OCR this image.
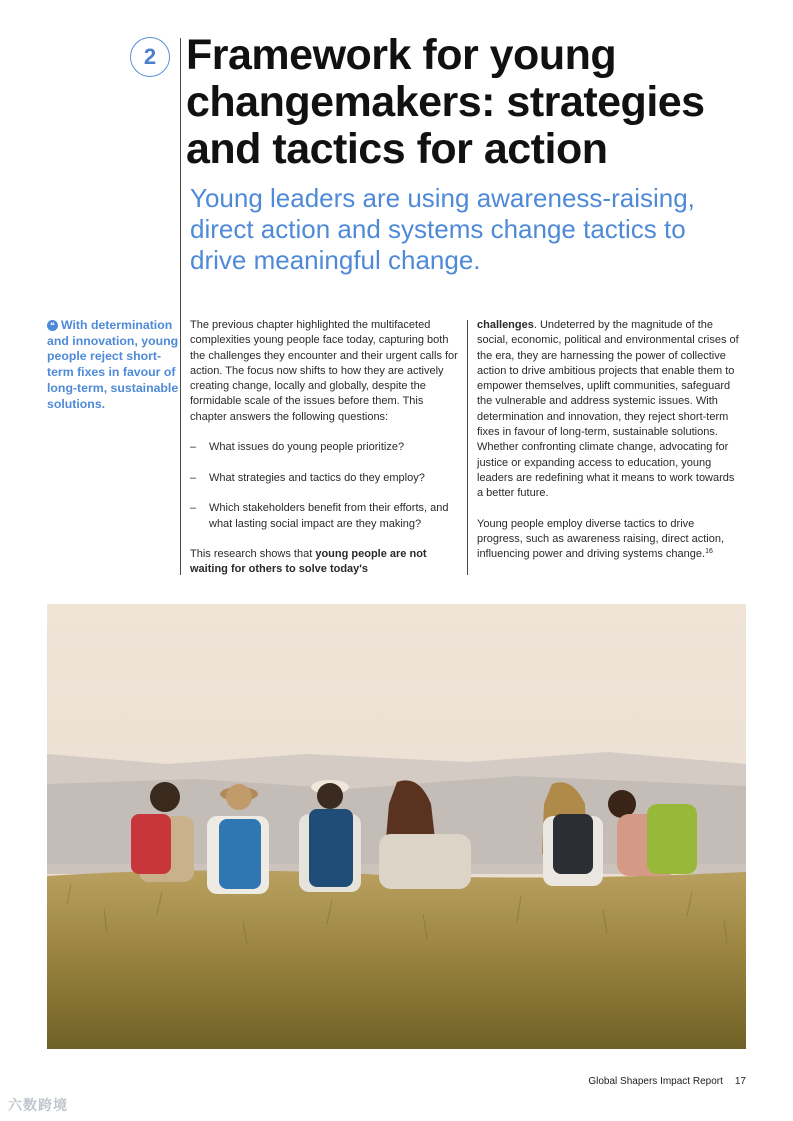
2 Framework for young changemakers: strategies and tactics for action

Young leaders are using awareness-raising, direct action and systems change tactics to drive meaningful change.

❝ With determination and innovation, young people reject short-term fixes in favour of long-term, sustainable solutions.

The previous chapter highlighted the multifaceted complexities young people face today, capturing both the challenges they encounter and their urgent calls for action. The focus now shifts to how they are actively creating change, locally and globally, despite the formidable scale of the issues before them. This chapter answers the following questions:

– What issues do young people prioritize?
– What strategies and tactics do they employ?
– Which stakeholders benefit from their efforts, and what lasting social impact are they making?

This research shows that young people are not waiting for others to solve today's

challenges. Undeterred by the magnitude of the social, economic, political and environmental crises of the era, they are harnessing the power of collective action to drive ambitious projects that enable them to empower themselves, uplift communities, safeguard the vulnerable and address systemic issues. With determination and innovation, they reject short-term fixes in favour of long-term, sustainable solutions. Whether confronting climate change, advocating for justice or expanding access to education, young leaders are redefining what it means to work towards a better future.

Young people employ diverse tactics to drive progress, such as awareness raising, direct action, influencing power and driving systems change.$^{16}$

Global Shapers Impact Report 17
六数跨境
